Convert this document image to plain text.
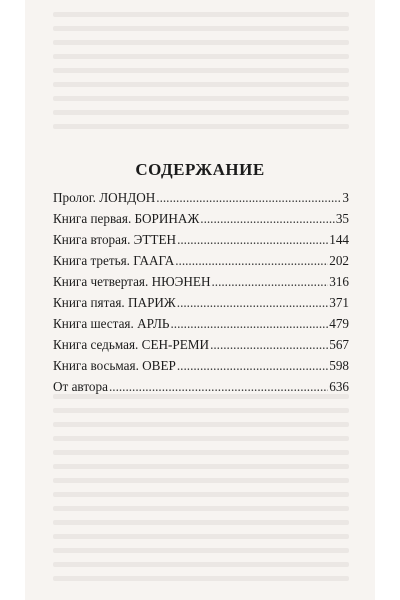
СОДЕРЖАНИЕ
Пролог. ЛОНДОН .....	3
Книга первая. БОРИНАЖ .....	35
Книга вторая. ЭТТЕН .....	144
Книга третья. ГААГА .....	202
Книга четвертая. НЮЭНЕН .....	316
Книга пятая. ПАРИЖ .....	371
Книга шестая. АРЛЬ .....	479
Книга седьмая. СЕН-РЕМИ .....	567
Книга восьмая. ОВЕР .....	598
От автора .....	636
